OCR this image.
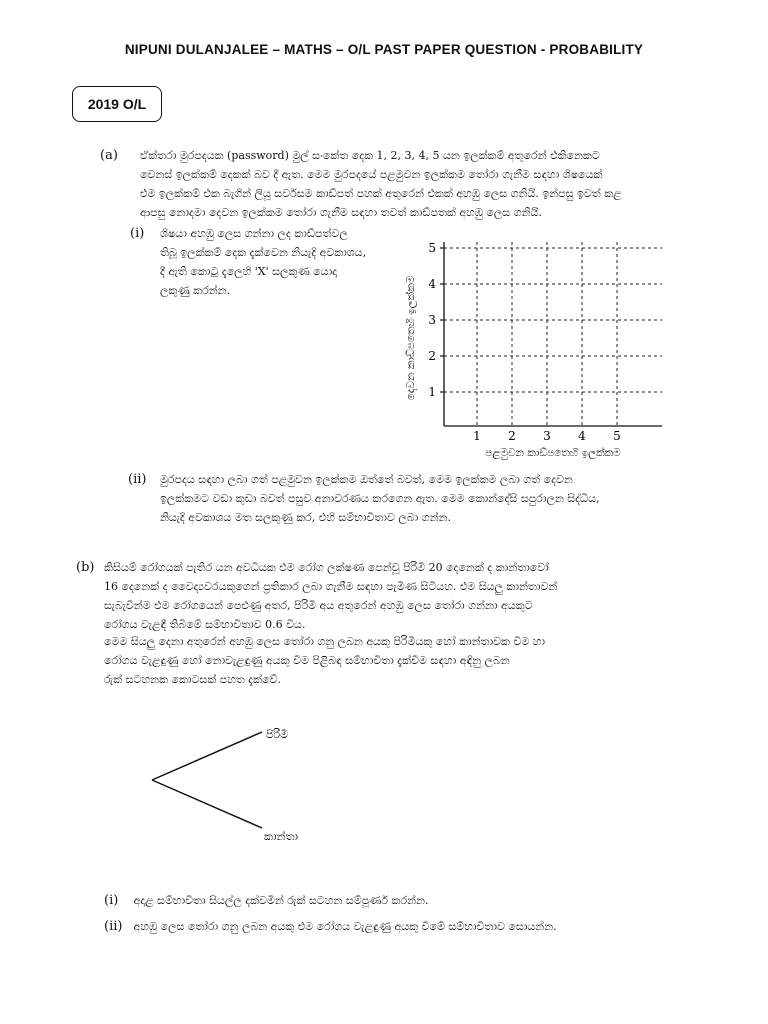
NIPUNI DULANJALEE – MATHS – O/L PAST PAPER QUESTION - PROBABILITY
2019 O/L
(a) ඒක්තරා මුරපදයක (password) මුල් සංකේත දෙක 1, 2, 3, 4, 5 යන ඉලක්කම් අතුරෙන් එකිනෙකට
වෙනස් ඉලක්කම් දෙකක් බව දී ඇත. මෙම මුරපදයේ පළමුවන ඉලක්කම තෝරා ගැනීම සඳහා ශිෂයෙක්
එම ඉලක්කම් එක බැගින් ලියූ සර්වසම කාඩ්පත් පහක් අතුරෙන් එකක් අහඹු ලෙස ගනියි. ඉන්පසු ඉවත් කළ
ආපසු නොදමා දෙවන ඉලක්කම තෝරා ගැනීම සඳහා තවත් කාඩ්පතක් අහඹු ලෙස ගනියි.
(i) ශිෂයා අහඹු ලෙස ගන්නා ලද කාඩ්පත්වල
තිබූ ඉලක්කම් දෙක දැක්වෙන නියැදි අවකාශය,
දී ඇති කොටු දැලෙහි 'X' සලකුණ යොදා
ලකුණු කරන්න.
1 2 3 4 5
1
2
3
4
5
පළමුවන කාඩ්පතෙහි ඉලක්කම
දෙවන කාඩ්පතෙහි ඉලක්කම
(ii) මුරපදය සඳහා ලබා ගත් පළමුවන ඉලක්කම ඔත්තේ බවත්, මෙම ඉලක්කම ලබා ගත් දෙවන
ඉලක්කමට වඩා කුඩා බවත් පසුව අනාවරණය කරගෙන ඇත. මෙම කොන්දේසි සපුරාලන සිද්ධිය,
නියැදි අවකාශය මත සලකුණු කර, එහි සම්භාවිතාව ලබා ගන්න.
(b) කිසියම් රෝගයක් පැතිර යන අවධියක එම රෝග ලක්ෂණ පෙන්වූ පිරිමි 20 දෙනෙක් ද කාන්තාවෝ
16 දෙනෙක් ද වෛද්‍යවරයකුගෙන් ප්‍රතිකාර ලබා ගැනීම සඳහා පැමිණ සිටියහ. එම සියලු කාන්තාවන්
සැබැවින්ම එම රෝගයෙන් පෙළුණු අතර, පිරිමි අය අතුරෙන් අහඹු ලෙස තෝරා ගන්නා අයකුට
රෝගය වැළඳී තිබීමේ සම්භාවිතාව 0.6 විය.
මෙම සියලු දෙනා අතුරෙන් අහඹු ලෙස තෝරා ගනු ලබන අයකු පිරිමියකු හෝ කාන්තාවක වීම හා
රෝගය වැළඳුණු හෝ නොවැළඳුණු අයකු වීම පිළිබඳ සම්භාවිතා දැක්වීම සඳහා අඳිනු ලබන
රුක් සටහනක කොටසක් පහත දැක්වේ.
පිරිමි
කාන්තා
(i) අදාළ සම්භාවිතා සියල්ල දක්වමින් රුක් සටහන සම්පූර්ණ කරන්න.
(ii) අහඹු ලෙස තෝරා ගනු ලබන අයකු එම රෝගය වැළඳුණු අයකු වීමේ සම්භාවිතාව සොයන්න.
